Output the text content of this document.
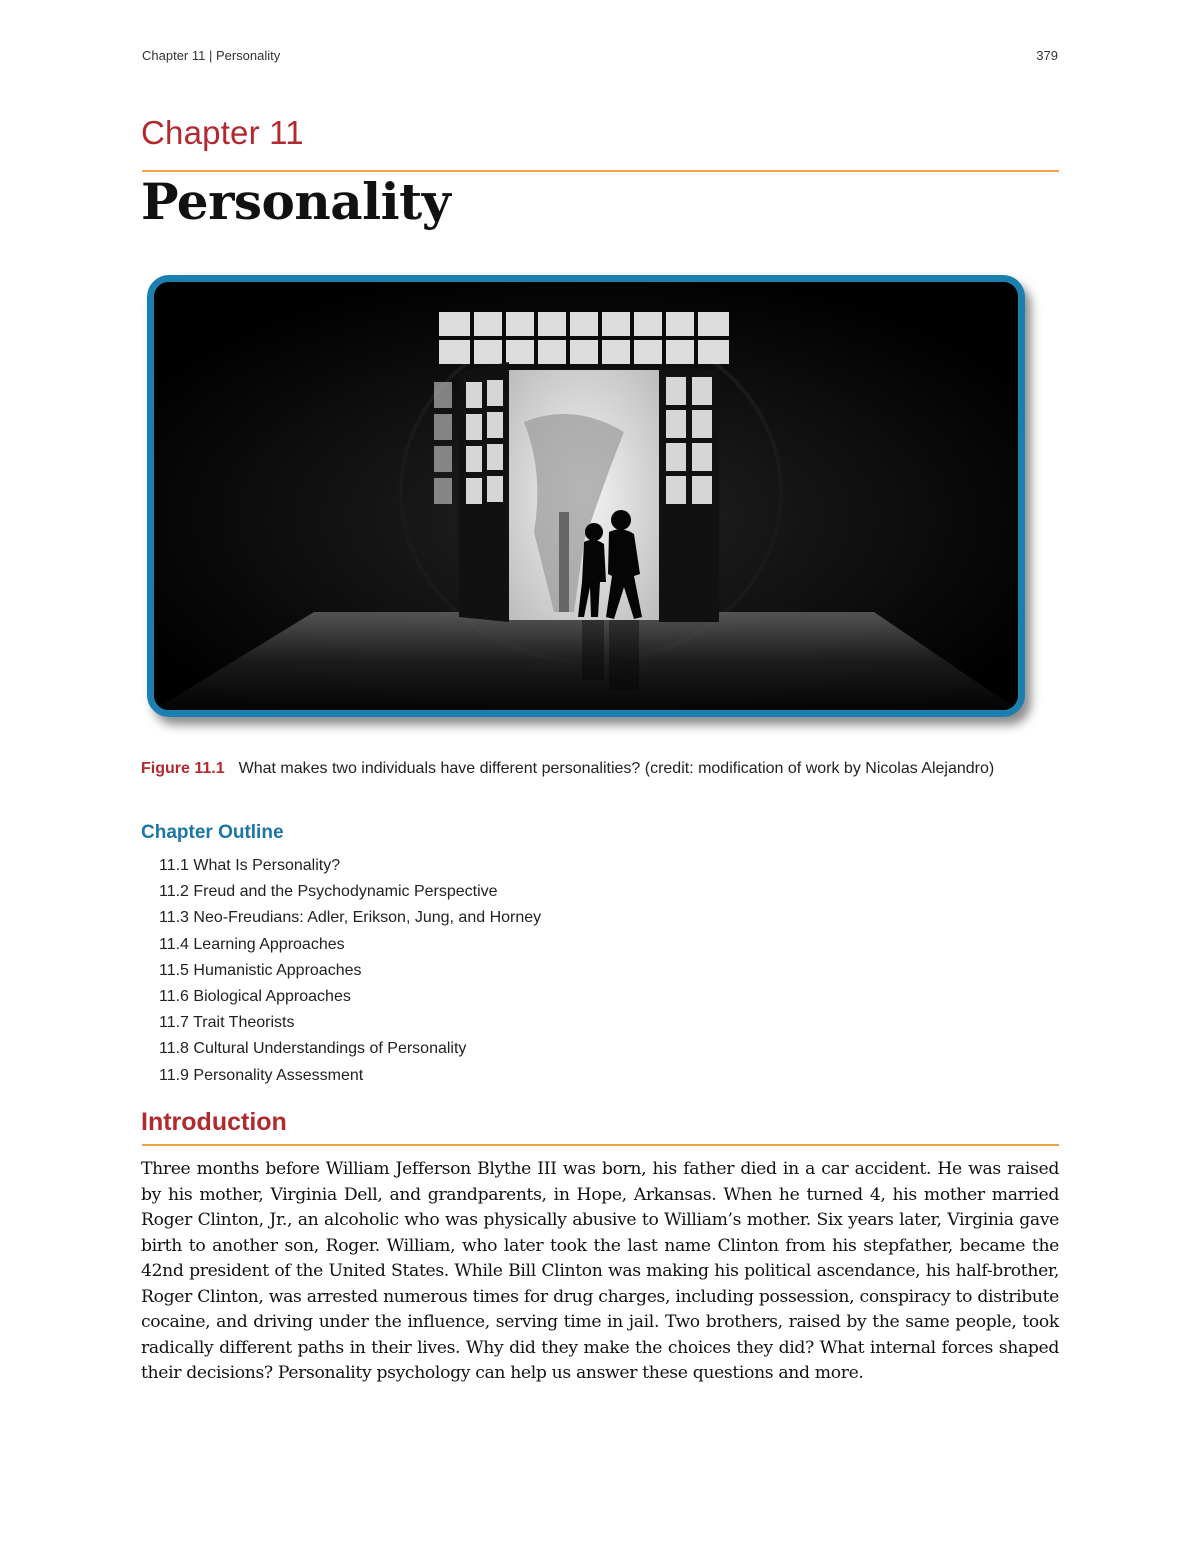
Chapter 11 | Personality	379
Chapter 11
Personality
Figure 11.1 What makes two individuals have different personalities? (credit: modification of work by Nicolas Alejandro)
Chapter Outline
11.1 What Is Personality?
11.2 Freud and the Psychodynamic Perspective
11.3 Neo-Freudians: Adler, Erikson, Jung, and Horney
11.4 Learning Approaches
11.5 Humanistic Approaches
11.6 Biological Approaches
11.7 Trait Theorists
11.8 Cultural Understandings of Personality
11.9 Personality Assessment
Introduction

Three months before William Jefferson Blythe III was born, his father died in a car accident. He was raised by his mother, Virginia Dell, and grandparents, in Hope, Arkansas. When he turned 4, his mother married Roger Clinton, Jr., an alcoholic who was physically abusive to William’s mother. Six years later, Virginia gave birth to another son, Roger. William, who later took the last name Clinton from his stepfather, became the 42nd president of the United States. While Bill Clinton was making his political ascendance, his half-brother, Roger Clinton, was arrested numerous times for drug charges, including possession, conspiracy to distribute cocaine, and driving under the influence, serving time in jail. Two brothers, raised by the same people, took radically different paths in their lives. Why did they make the choices they did? What internal forces shaped their decisions? Personality psychology can help us answer these questions and more.
